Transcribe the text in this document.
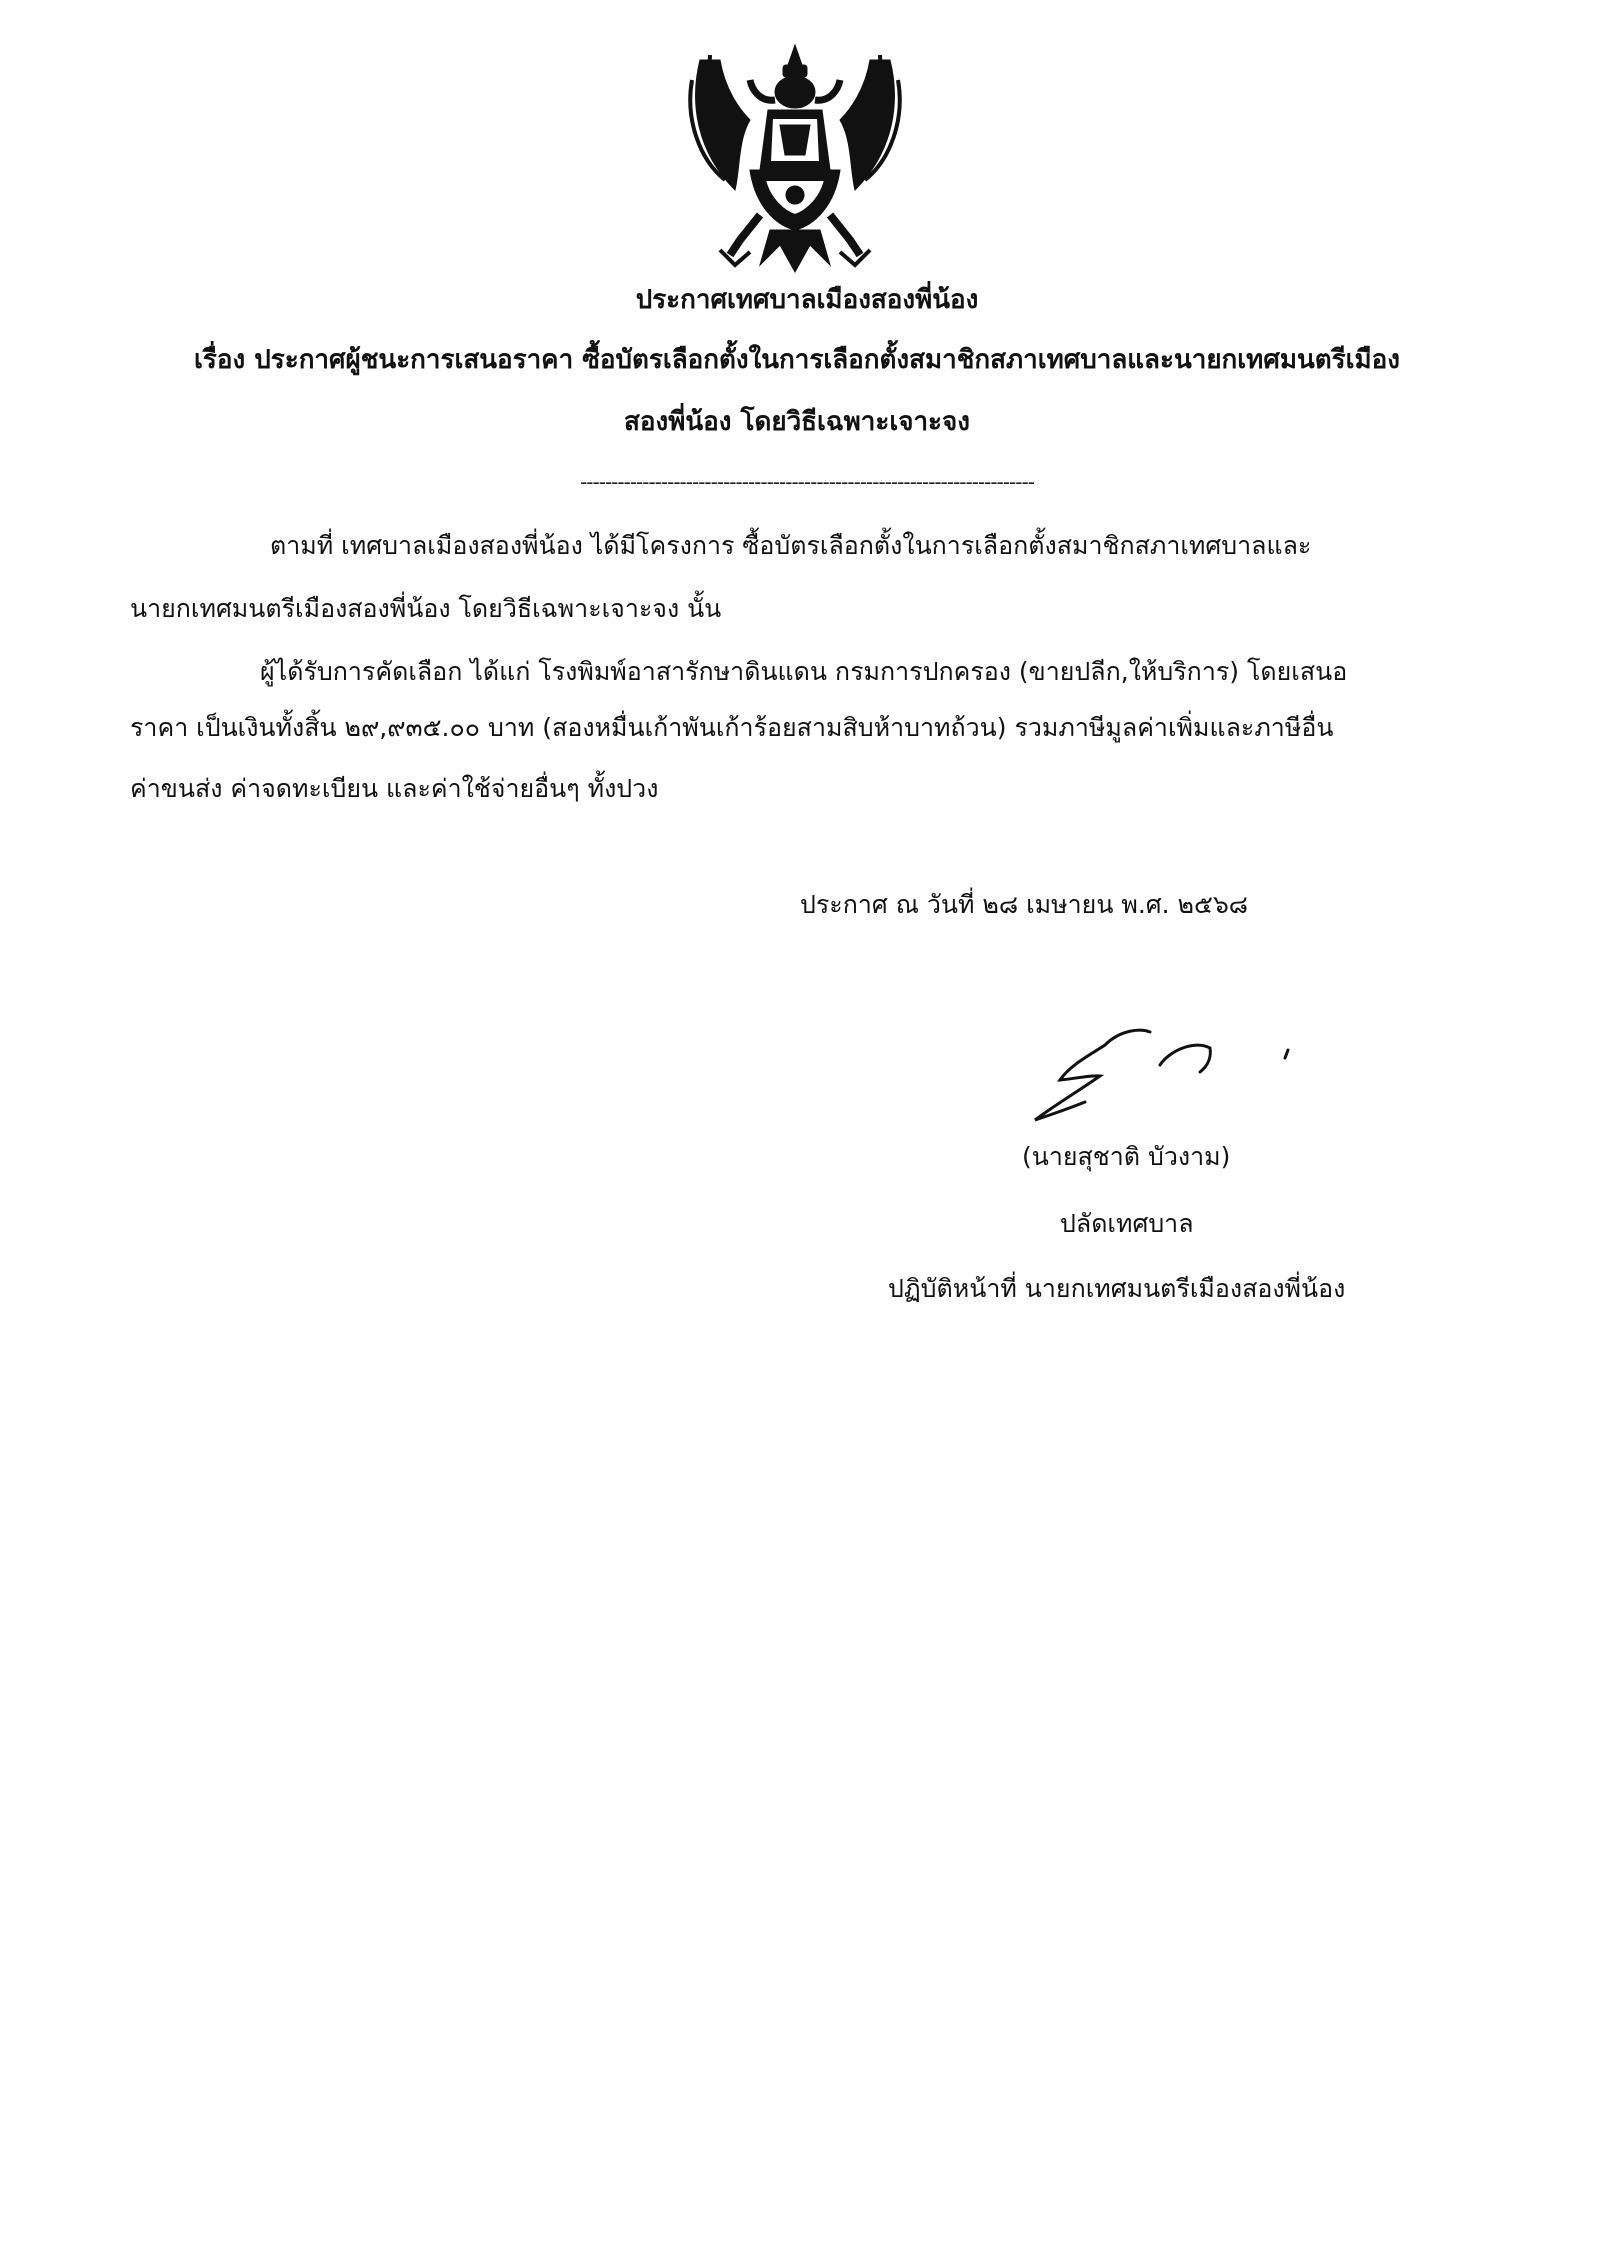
ประกาศเทศบาลเมืองสองพี่น้อง
เรื่อง ประกาศผู้ชนะการเสนอราคา ซื้อบัตรเลือกตั้งในการเลือกตั้งสมาชิกสภาเทศบาลและนายกเทศมนตรีเมือง
สองพี่น้อง โดยวิธีเฉพาะเจาะจง
-------------------------------------------------------------------------
ตามที่ เทศบาลเมืองสองพี่น้อง ได้มีโครงการ ซื้อบัตรเลือกตั้งในการเลือกตั้งสมาชิกสภาเทศบาลและ
นายกเทศมนตรีเมืองสองพี่น้อง โดยวิธีเฉพาะเจาะจง นั้น
ผู้ได้รับการคัดเลือก ได้แก่ โรงพิมพ์อาสารักษาดินแดน กรมการปกครอง (ขายปลีก,ให้บริการ) โดยเสนอ
ราคา เป็นเงินทั้งสิ้น ๒๙,๙๓๕.๐๐ บาท (สองหมื่นเก้าพันเก้าร้อยสามสิบห้าบาทถ้วน) รวมภาษีมูลค่าเพิ่มและภาษีอื่น
ค่าขนส่ง ค่าจดทะเบียน และค่าใช้จ่ายอื่นๆ ทั้งปวง
ประกาศ ณ วันที่ ๒๘ เมษายน พ.ศ. ๒๕๖๘
(นายสุชาติ บัวงาม)
ปลัดเทศบาล
ปฏิบัติหน้าที่ นายกเทศมนตรีเมืองสองพี่น้อง
